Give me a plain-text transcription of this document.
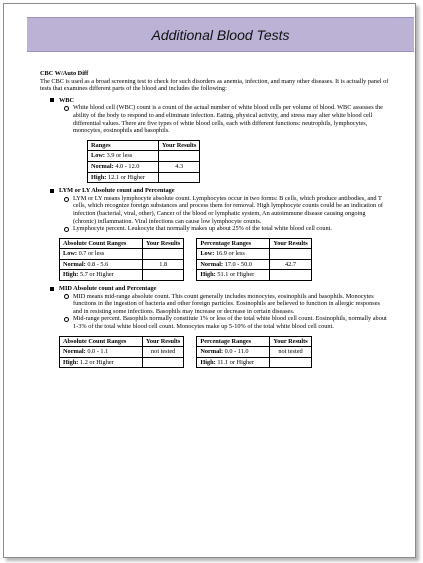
Additional Blood Tests

CBC W/Auto Diff

The CBC is used as a broad screening test to check for such disorders as anemia, infection, and many other diseases. It is actually panel of tests that examines different parts of the blood and includes the following:

WBC
White blood cell (WBC) count is a count of the actual number of white blood cells per volume of blood. WBC assesses the ability of the body to respond to and eliminate infection. Eating, physical activity, and stress may alter white blood cell differential values. There are five types of white blood cells, each with different functions: neutrophils, lymphocytes, monocytes, eosinophils and basophils.
Ranges	Your Results
Low: 3.9 or less	
Normal: 4.0 - 12.0	4.3
High: 12.1 or Higher	
LYM or LY Absolute count and Percentage
LYM or LY means lymphocyte absolute count. Lymphocytes occur in two forms: B cells, which produce antibodies, and T cells, which recognize foreign substances and process them for removal. High lymphocyte counts could be an indication of infection (bacterial, viral, other), Cancer of the blood or lymphatic system, An autoimmune disease causing ongoing (chronic) inflammation. Viral infections can cause low lymphocyte counts.
Lymphocyte percent. Leukocyte that normally makes up about 25% of the total white blood cell count.
Absolute Count Ranges	Your Results
Low: 0.7 or less	
Normal: 0.8 - 5.6	1.8
High: 5.7 or Higher	
Percentage Ranges	Your Results
Low: 16.9 or less	
Normal: 17.0 - 50.0	42.7
High: 51.1 or Higher	
MID Absolute count and Percentage
MID means mid-range absolute count. This count generally includes monocytes, eosinophils and basophils. Monocytes functions in the ingestion of bacteria and other foreign particles. Eosinophils are believed to function in allergic responses and in resisting some infections. Basophils may increase or decrease in certain diseases.
Mid-range percent. Basophils normally constitute 1% or less of the total white blood cell count. Eosinophils, normally about 1-3% of the total white blood cell count. Monocytes make up 5-10% of the total white blood cell count.
Absolute Count Ranges	Your Results
Normal: 0.0 - 1.1	not tested
High: 1.2 or Higher	
Percentage Ranges	Your Results
Normal: 0.0 - 11.0	not tested
High: 11.1 or Higher	
